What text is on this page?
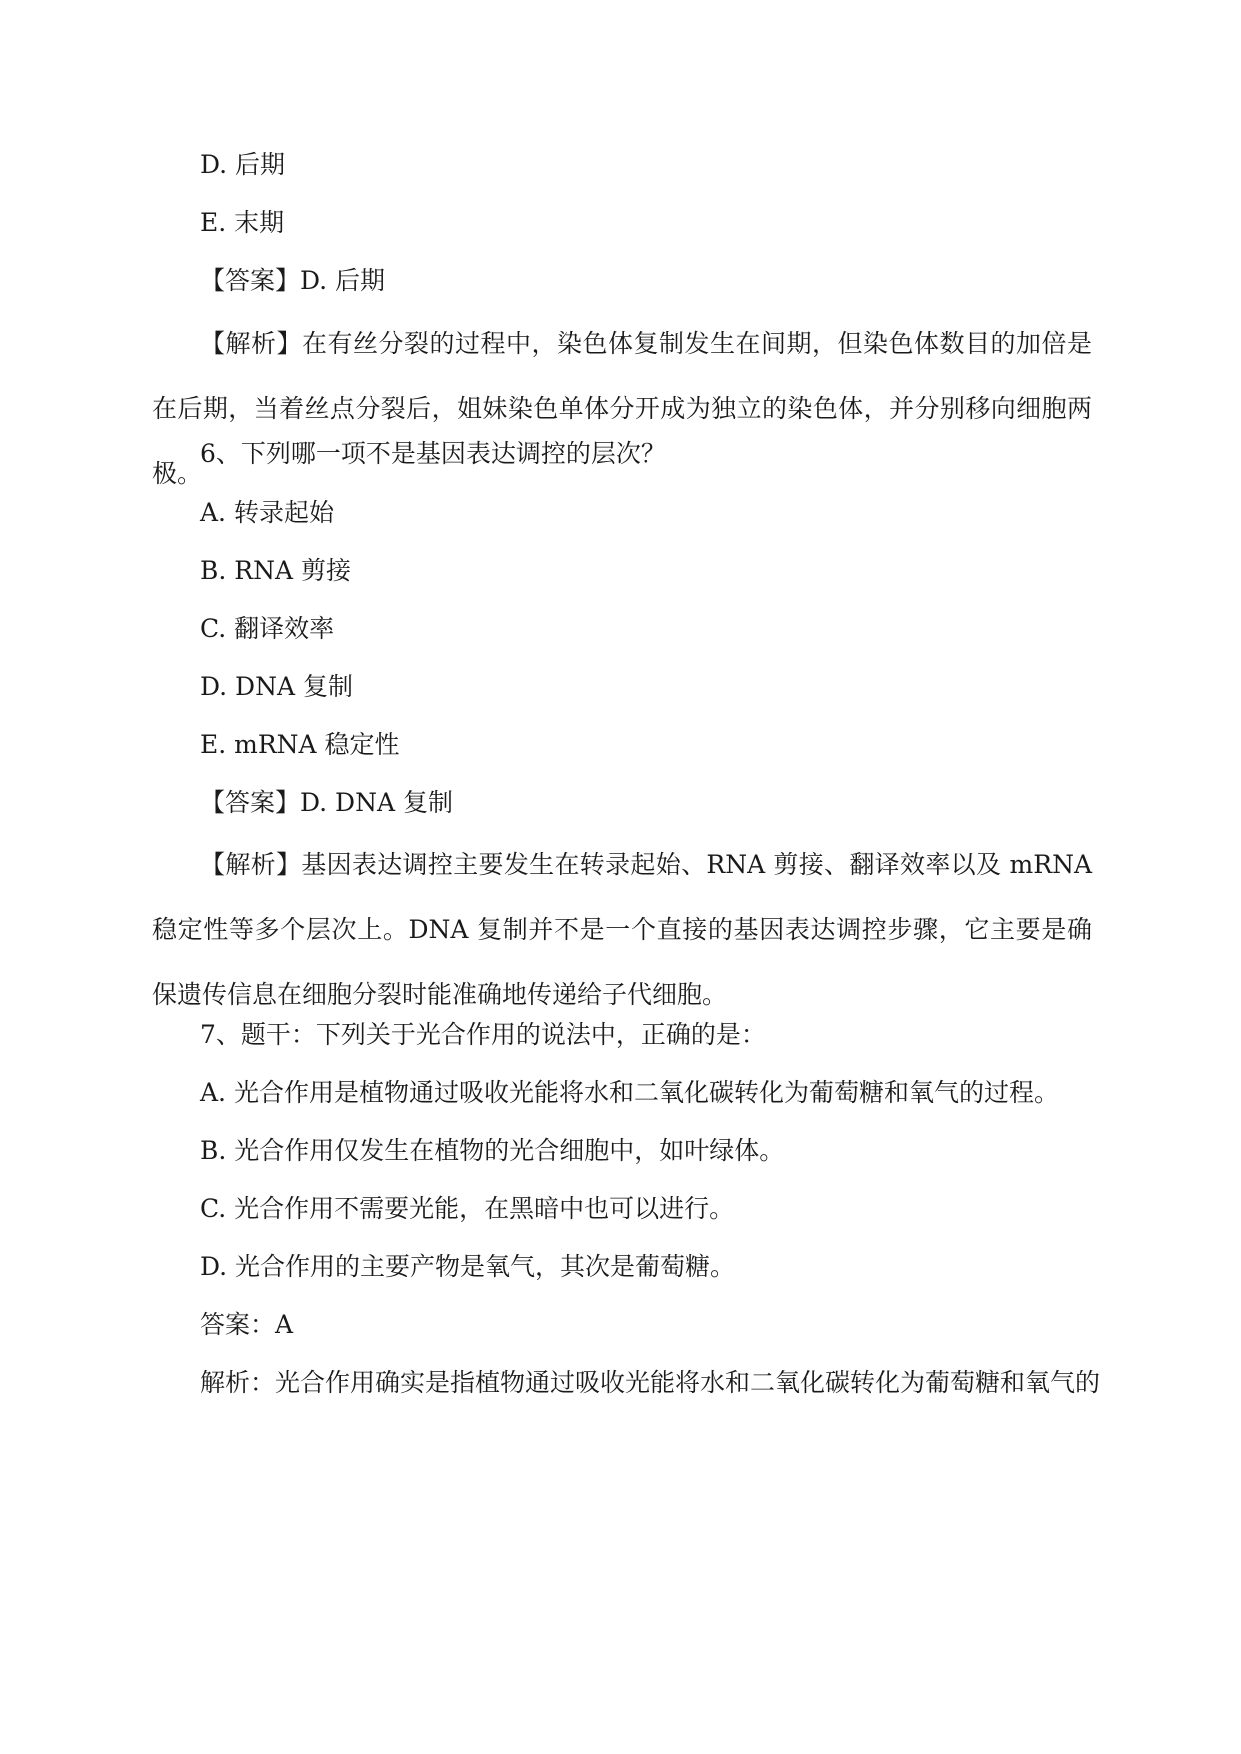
D. 后期
E. 末期
【答案】D. 后期
【解析】在有丝分裂的过程中，染色体复制发生在间期，但染色体数目的加倍是在后期，当着丝点分裂后，姐妹染色单体分开成为独立的染色体，并分别移向细胞两极。
6、下列哪一项不是基因表达调控的层次？
A. 转录起始
B. RNA 剪接
C. 翻译效率
D. DNA 复制
E. mRNA 稳定性
【答案】D. DNA 复制
【解析】基因表达调控主要发生在转录起始、RNA 剪接、翻译效率以及 mRNA 稳定性等多个层次上。DNA 复制并不是一个直接的基因表达调控步骤，它主要是确保遗传信息在细胞分裂时能准确地传递给子代细胞。
7、题干：下列关于光合作用的说法中，正确的是：
A. 光合作用是植物通过吸收光能将水和二氧化碳转化为葡萄糖和氧气的过程。
B. 光合作用仅发生在植物的光合细胞中，如叶绿体。
C. 光合作用不需要光能，在黑暗中也可以进行。
D. 光合作用的主要产物是氧气，其次是葡萄糖。
答案：A
解析：光合作用确实是指植物通过吸收光能将水和二氧化碳转化为葡萄糖和氧气的
